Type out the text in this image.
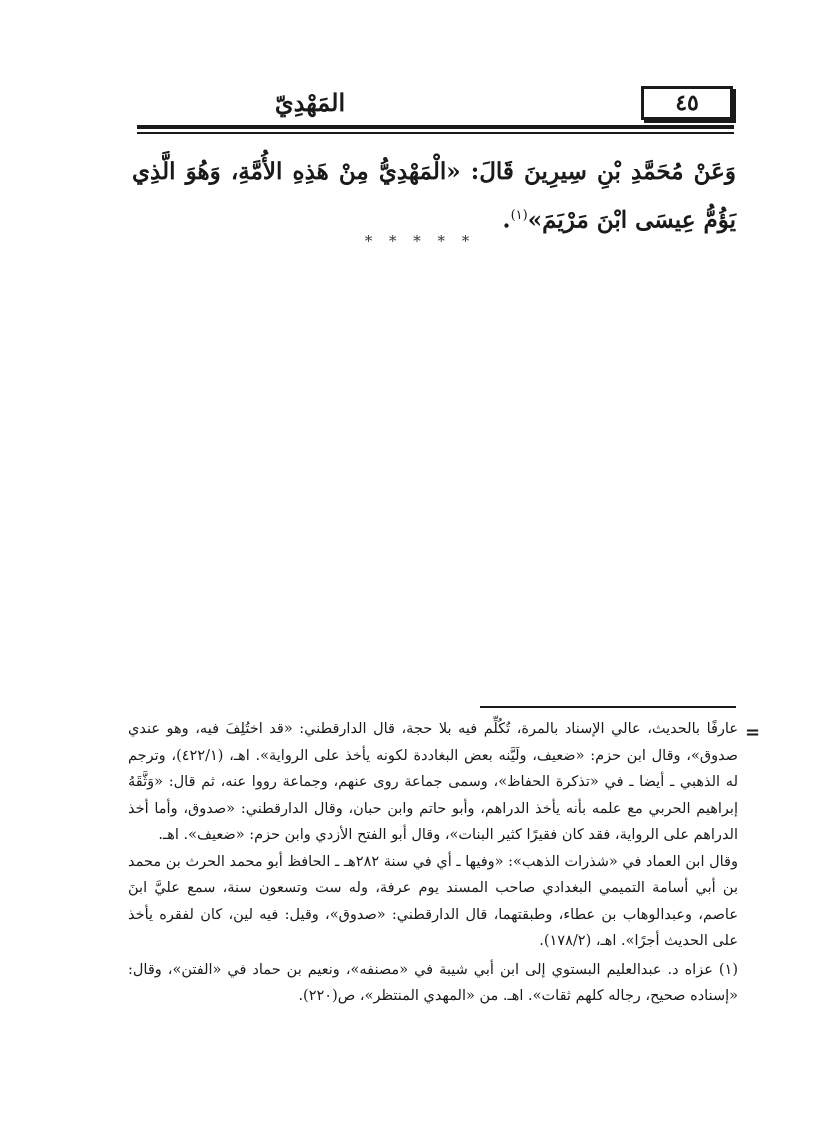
٤٥
المَهْدِيّ
وَعَنْ مُحَمَّدِ بْنِ سِيرِينَ قَالَ: «الْمَهْدِيُّ مِنْ هَذِهِ الأُمَّةِ، وَهُوَ الَّذِي يَؤُمُّ عِيسَى ابْنَ مَرْيَمَ»$^{(١)}$.
* * * * *
=

عارفًا بالحديث، عالي الإسناد بالمرة، تُكُلِّم فيه بلا حجة، قال الدارقطني: «قد اختُلِفَ فيه، وهو عندي صدوق»، وقال ابن حزم: «ضعيف، ولَيَّنه بعض البغاددة لكونه يأخذ على الرواية». اهـ، (٤٢٢/١)، وترجم له الذهبي ـ أيضا ـ في «تذكرة الحفاظ»، وسمى جماعة روى عنهم، وجماعة رووا عنه، ثم قال: «وَثَّقَهُ إبراهيم الحربي مع علمه بأنه يأخذ الدراهم، وأبو حاتم وابن حبان، وقال الدارقطني: «صدوق، وأما أخذ الدراهم على الرواية، فقد كان فقيرًا كثير البنات»، وقال أبو الفتح الأزدي وابن حزم: «ضعيف». اهـ.

وقال ابن العماد في «شذرات الذهب»: «وفيها ـ أي في سنة ٢٨٢هـ ـ الحافظ أبو محمد الحرث بن محمد بن أبي أسامة التميمي البغدادي صاحب المسند يوم عرفة، وله ست وتسعون سنة، سمع عليَّ ابنَ عاصم، وعبدالوهاب بن عطاء، وطبقتهما، قال الدارقطني: «صدوق»، وقيل: فيه لين، كان لفقره يأخذ على الحديث أجرًا». اهـ، (١٧٨/٢).

(١) عزاه د. عبدالعليم البستوي إلى ابن أبي شيبة في «مصنفه»، ونعيم بن حماد في «الفتن»، وقال: «إسناده صحيح، رجاله كلهم ثقات». اهـ. من «المهدي المنتظر»، ص(٢٢٠).
